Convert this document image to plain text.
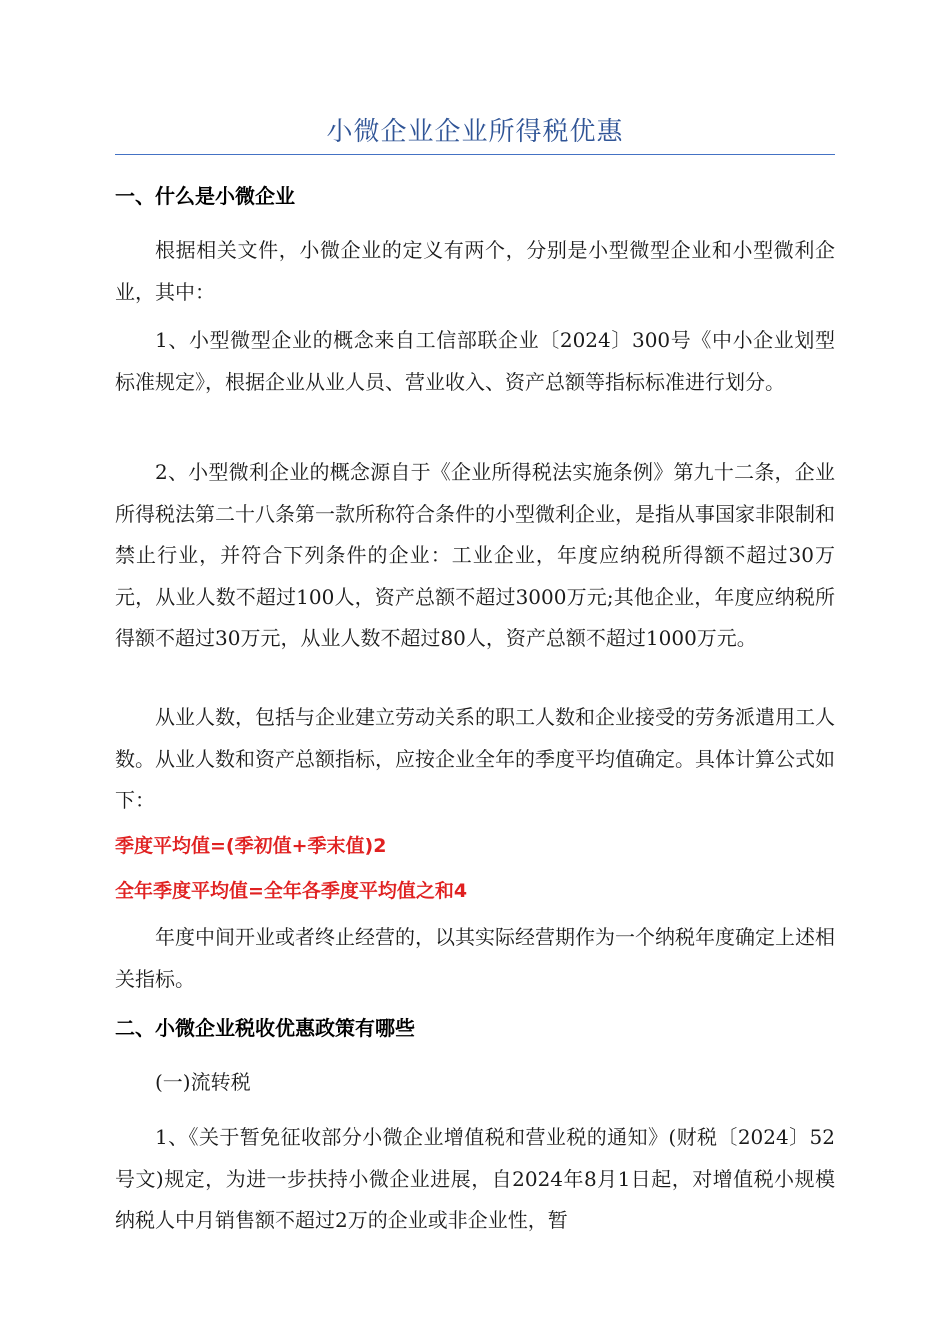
小微企业企业所得税优惠
一、什么是小微企业

根据相关文件，小微企业的定义有两个，分别是小型微型企业和小型微利企业，其中：

1、小型微型企业的概念来自工信部联企业〔2024〕300号《中小企业划型标准规定》，根据企业从业人员、营业收入、资产总额等指标标准进行划分。

2、小型微利企业的概念源自于《企业所得税法实施条例》第九十二条，企业所得税法第二十八条第一款所称符合条件的小型微利企业，是指从事国家非限制和禁止行业，并符合下列条件的企业：工业企业，年度应纳税所得额不超过30万元，从业人数不超过100人，资产总额不超过3000万元;其他企业，年度应纳税所得额不超过30万元，从业人数不超过80人，资产总额不超过1000万元。

从业人数，包括与企业建立劳动关系的职工人数和企业接受的劳务派遣用工人数。从业人数和资产总额指标，应按企业全年的季度平均值确定。具体计算公式如下：

季度平均值=(季初值+季末值)2
全年季度平均值=全年各季度平均值之和4

年度中间开业或者终止经营的，以其实际经营期作为一个纳税年度确定上述相关指标。

二、小微企业税收优惠政策有哪些

(一)流转税

1、《关于暂免征收部分小微企业增值税和营业税的通知》(财税〔2024〕52号文)规定，为进一步扶持小微企业进展，自2024年8月1日起，对增值税小规模纳税人中月销售额不超过2万的企业或非企业性，暂
